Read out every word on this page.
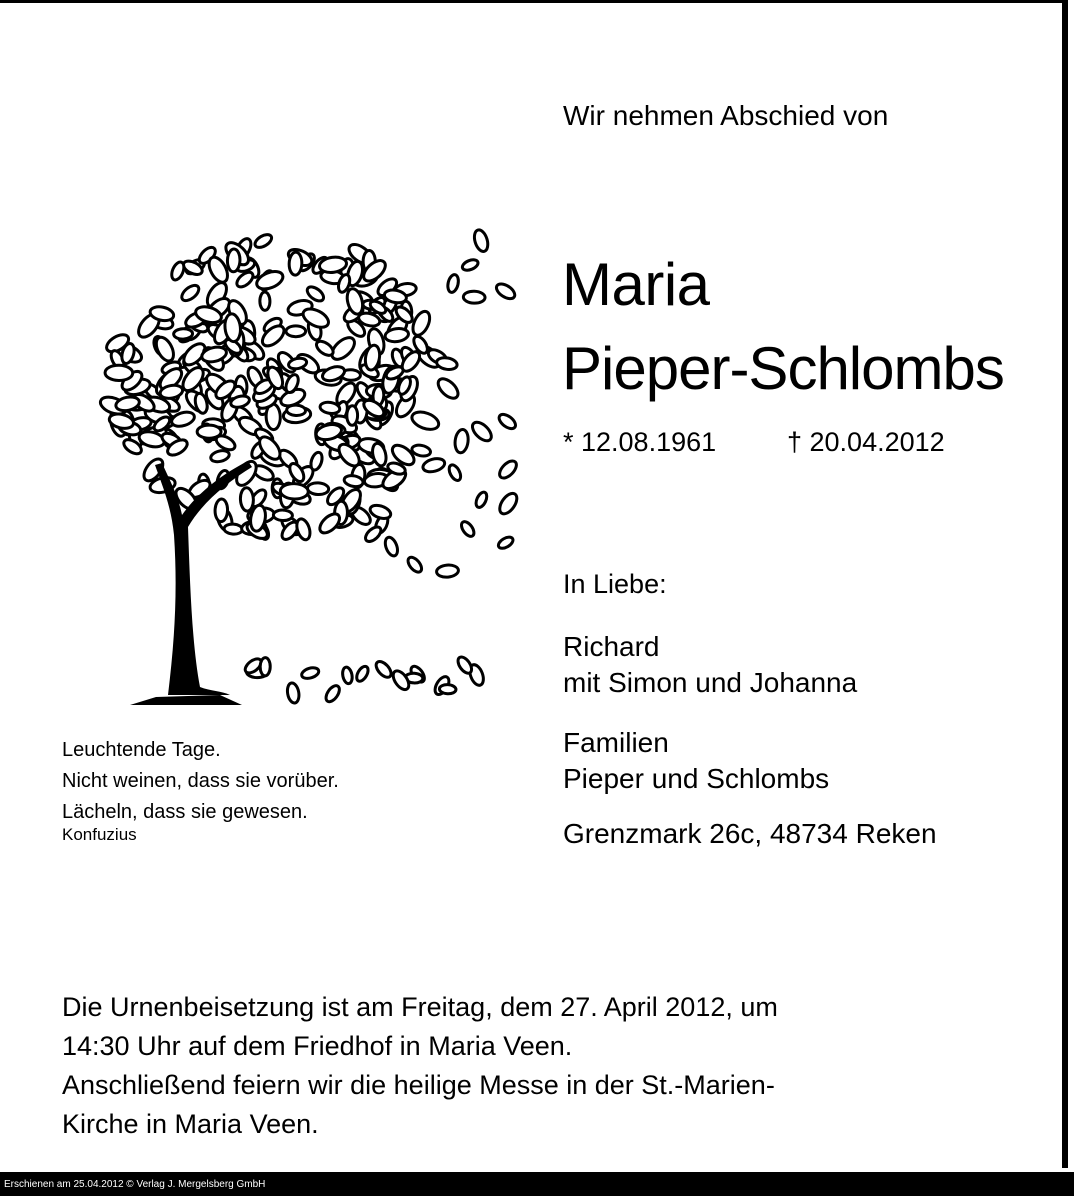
Wir nehmen Abschied von
Maria
Pieper-Schlombs
* 12.08.1961	† 20.04.2012
In Liebe:
Richard
mit Simon und Johanna
Familien
Pieper und Schlombs
Grenzmark 26c, 48734 Reken
Leuchtende Tage.
Nicht weinen, dass sie vorüber.
Lächeln, dass sie gewesen.
Konfuzius
Die Urnenbeisetzung ist am Freitag, dem 27. April 2012, um
14:30 Uhr auf dem Friedhof in Maria Veen.
Anschließend feiern wir die heilige Messe in der St.-Marien-
Kirche in Maria Veen.
Erschienen am 25.04.2012 © Verlag J. Mergelsberg GmbH
